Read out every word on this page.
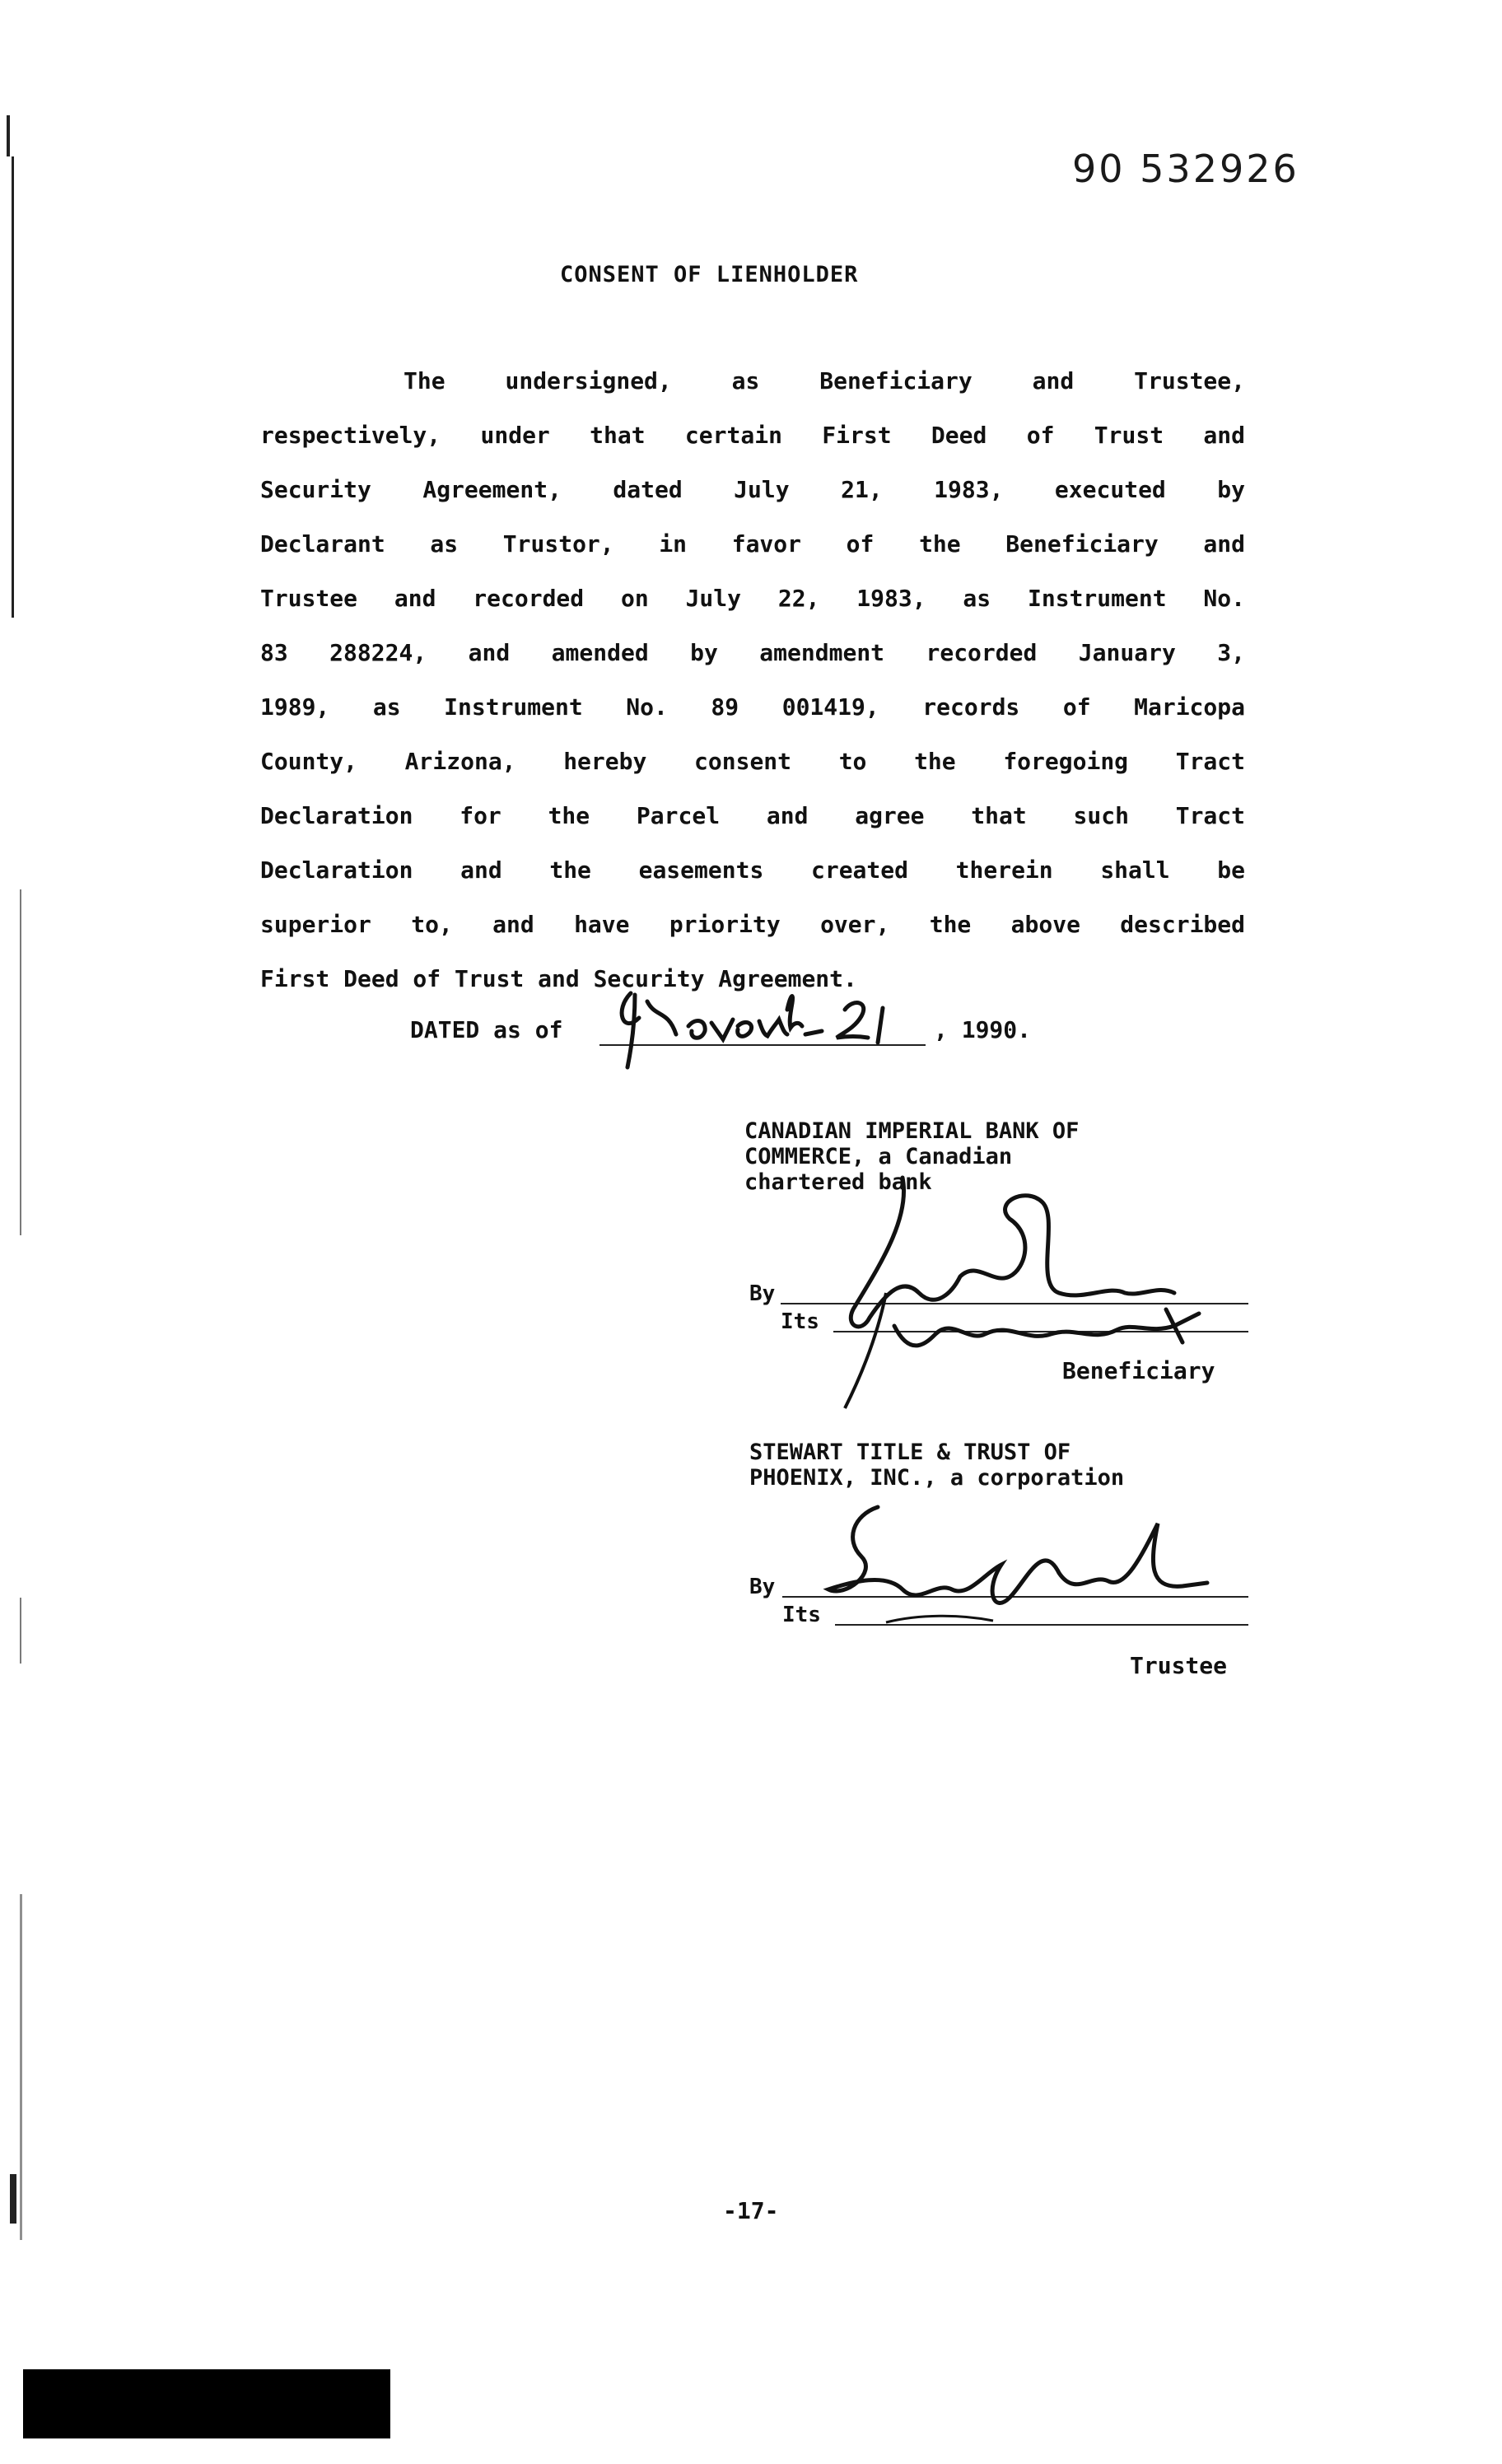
90 532926
CONSENT OF LIENHOLDER
The undersigned, as Beneficiary and Trustee,
respectively, under that certain First Deed of Trust and
Security Agreement, dated July 21, 1983, executed by
Declarant as Trustor, in favor of the Beneficiary and
Trustee and recorded on July 22, 1983, as Instrument No.
83 288224, and amended by amendment recorded January 3,
1989, as Instrument No. 89 001419, records of Maricopa
County, Arizona, hereby consent to the foregoing Tract
Declaration for the Parcel and agree that such Tract
Declaration and the easements created therein shall be
superior to, and have priority over, the above described
First Deed of Trust and Security Agreement.
DATED as of	, 1990.
CANADIAN IMPERIAL BANK OF
COMMERCE, a Canadian
chartered bank
By
Its
Beneficiary
STEWART TITLE & TRUST OF
PHOENIX, INC., a corporation
By
Its
Trustee
-17-
